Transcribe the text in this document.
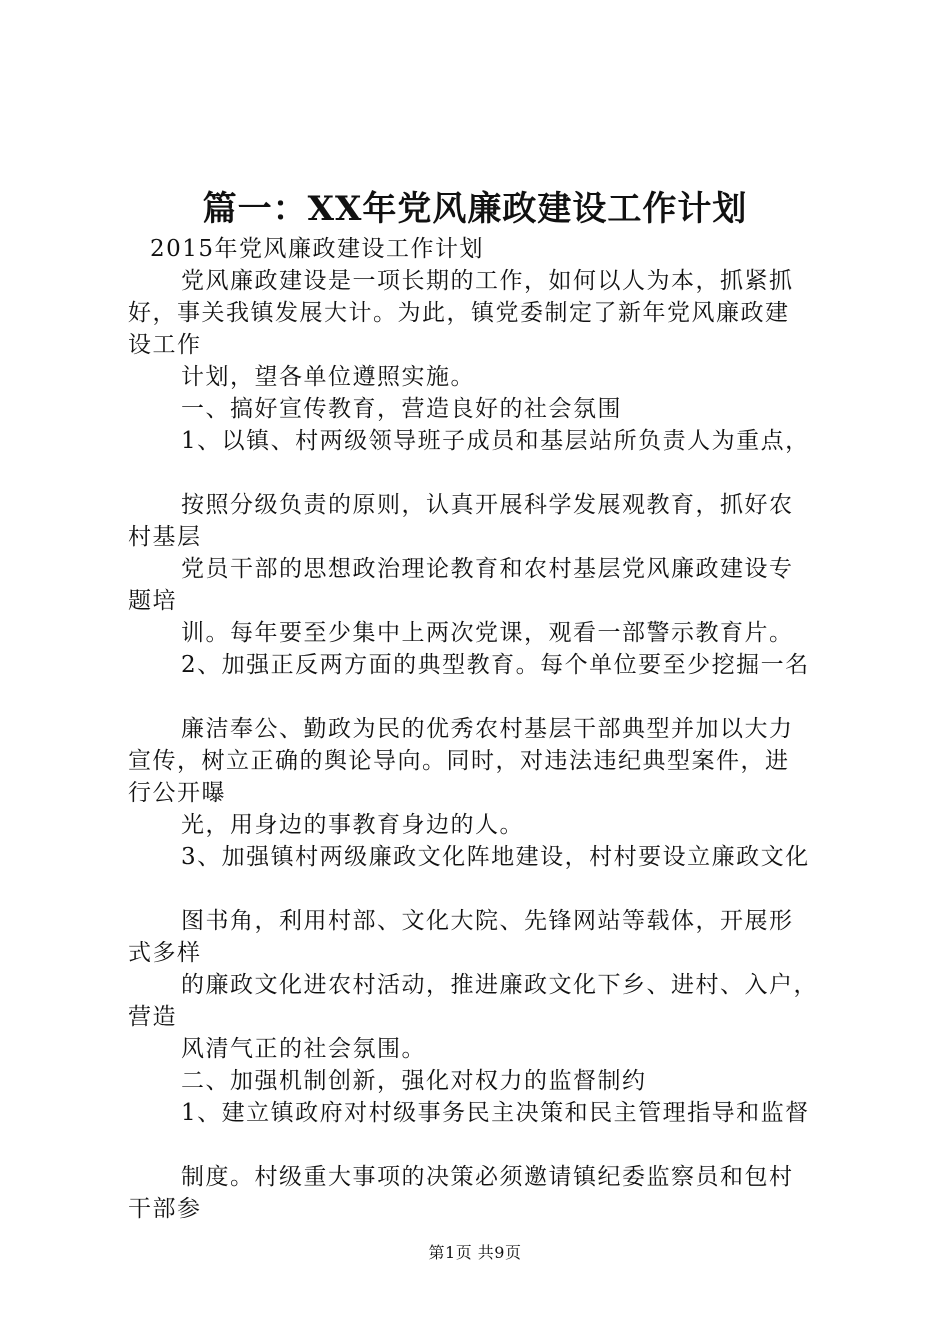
篇一：XX年党风廉政建设工作计划
2015年党风廉政建设工作计划
党风廉政建设是一项长期的工作，如何以人为本，抓紧抓
好，事关我镇发展大计。为此，镇党委制定了新年党风廉政建
设工作
计划，望各单位遵照实施。
一、搞好宣传教育，营造良好的社会氛围
1、以镇、村两级领导班子成员和基层站所负责人为重点，
按照分级负责的原则，认真开展科学发展观教育，抓好农
村基层
党员干部的思想政治理论教育和农村基层党风廉政建设专
题培
训。每年要至少集中上两次党课，观看一部警示教育片。
2、加强正反两方面的典型教育。每个单位要至少挖掘一名
廉洁奉公、勤政为民的优秀农村基层干部典型并加以大力
宣传，树立正确的舆论导向。同时，对违法违纪典型案件，进
行公开曝
光，用身边的事教育身边的人。
3、加强镇村两级廉政文化阵地建设，村村要设立廉政文化
图书角，利用村部、文化大院、先锋网站等载体，开展形
式多样
的廉政文化进农村活动，推进廉政文化下乡、进村、入户，
营造
风清气正的社会氛围。
二、加强机制创新，强化对权力的监督制约
1、建立镇政府对村级事务民主决策和民主管理指导和监督
制度。村级重大事项的决策必须邀请镇纪委监察员和包村
干部参
第1页 共9页
